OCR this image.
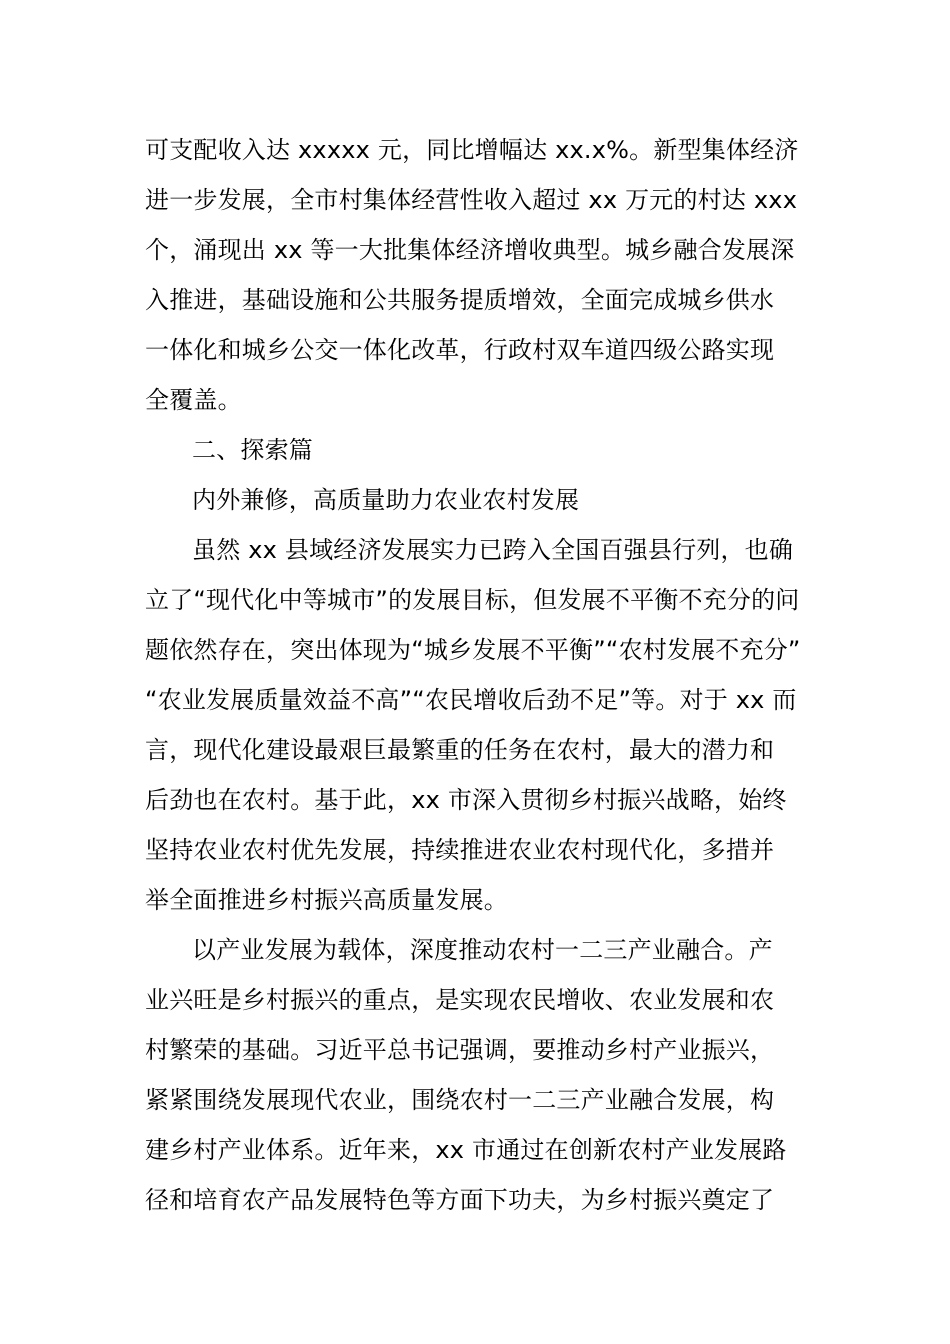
可支配收入达 xxxxx 元，同比增幅达 xx.x%。新型集体经济
进一步发展，全市村集体经营性收入超过 xx 万元的村达 xxx
个，涌现出 xx 等一大批集体经济增收典型。城乡融合发展深
入推进，基础设施和公共服务提质增效，全面完成城乡供水
一体化和城乡公交一体化改革，行政村双车道四级公路实现
全覆盖。
二、探索篇
内外兼修，高质量助力农业农村发展
虽然 xx 县域经济发展实力已跨入全国百强县行列，也确
立了“现代化中等城市”的发展目标，但发展不平衡不充分的问
题依然存在，突出体现为“城乡发展不平衡”“农村发展不充分”
“农业发展质量效益不高”“农民增收后劲不足”等。对于 xx 而
言，现代化建设最艰巨最繁重的任务在农村，最大的潜力和
后劲也在农村。基于此，xx 市深入贯彻乡村振兴战略，始终
坚持农业农村优先发展，持续推进农业农村现代化，多措并
举全面推进乡村振兴高质量发展。
以产业发展为载体，深度推动农村一二三产业融合。产
业兴旺是乡村振兴的重点，是实现农民增收、农业发展和农
村繁荣的基础。习近平总书记强调，要推动乡村产业振兴，
紧紧围绕发展现代农业，围绕农村一二三产业融合发展，构
建乡村产业体系。近年来，xx 市通过在创新农村产业发展路
径和培育农产品发展特色等方面下功夫，为乡村振兴奠定了
